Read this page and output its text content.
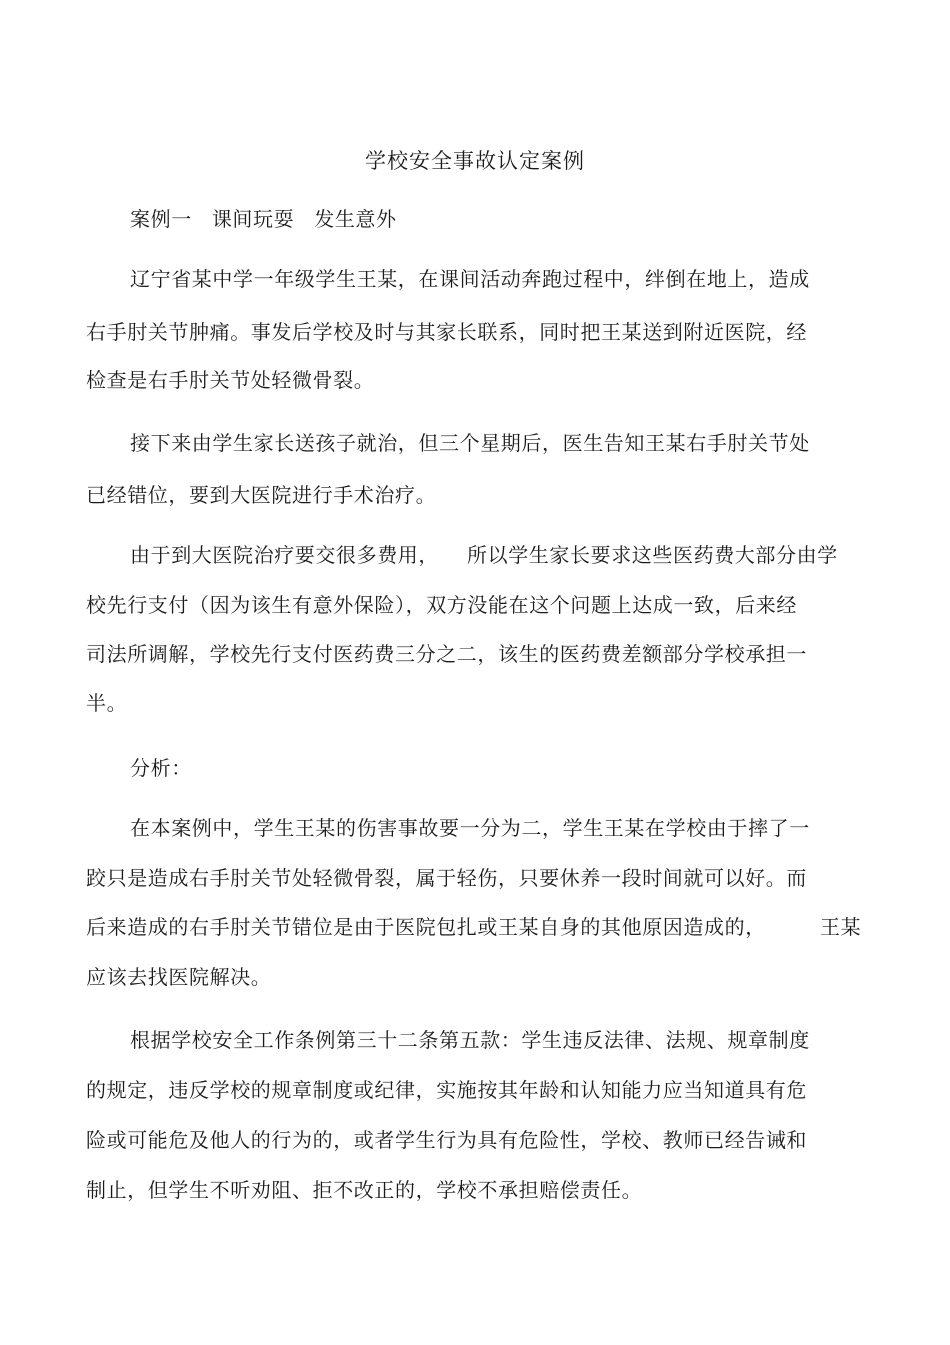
学校安全事故认定案例
案例一 课间玩耍 发生意外
辽宁省某中学一年级学生王某，在课间活动奔跑过程中，绊倒在地上，造成
右手肘关节肿痛。事发后学校及时与其家长联系，同时把王某送到附近医院，经
检查是右手肘关节处轻微骨裂。
接下来由学生家长送孩子就治，但三个星期后，医生告知王某右手肘关节处
已经错位，要到大医院进行手术治疗。
由于到大医院治疗要交很多费用， 所以学生家长要求这些医药费大部分由学
校先行支付（因为该生有意外保险），双方没能在这个问题上达成一致，后来经
司法所调解，学校先行支付医药费三分之二，该生的医药费差额部分学校承担一
半。
分析：
在本案例中，学生王某的伤害事故要一分为二，学生王某在学校由于摔了一
跤只是造成右手肘关节处轻微骨裂，属于轻伤，只要休养一段时间就可以好。而
后来造成的右手肘关节错位是由于医院包扎或王某自身的其他原因造成的，	王某
应该去找医院解决。
根据学校安全工作条例第三十二条第五款：学生违反法律、法规、规章制度
的规定，违反学校的规章制度或纪律，实施按其年龄和认知能力应当知道具有危
险或可能危及他人的行为的，或者学生行为具有危险性，学校、教师已经告诫和
制止，但学生不听劝阻、拒不改正的，学校不承担赔偿责任。
